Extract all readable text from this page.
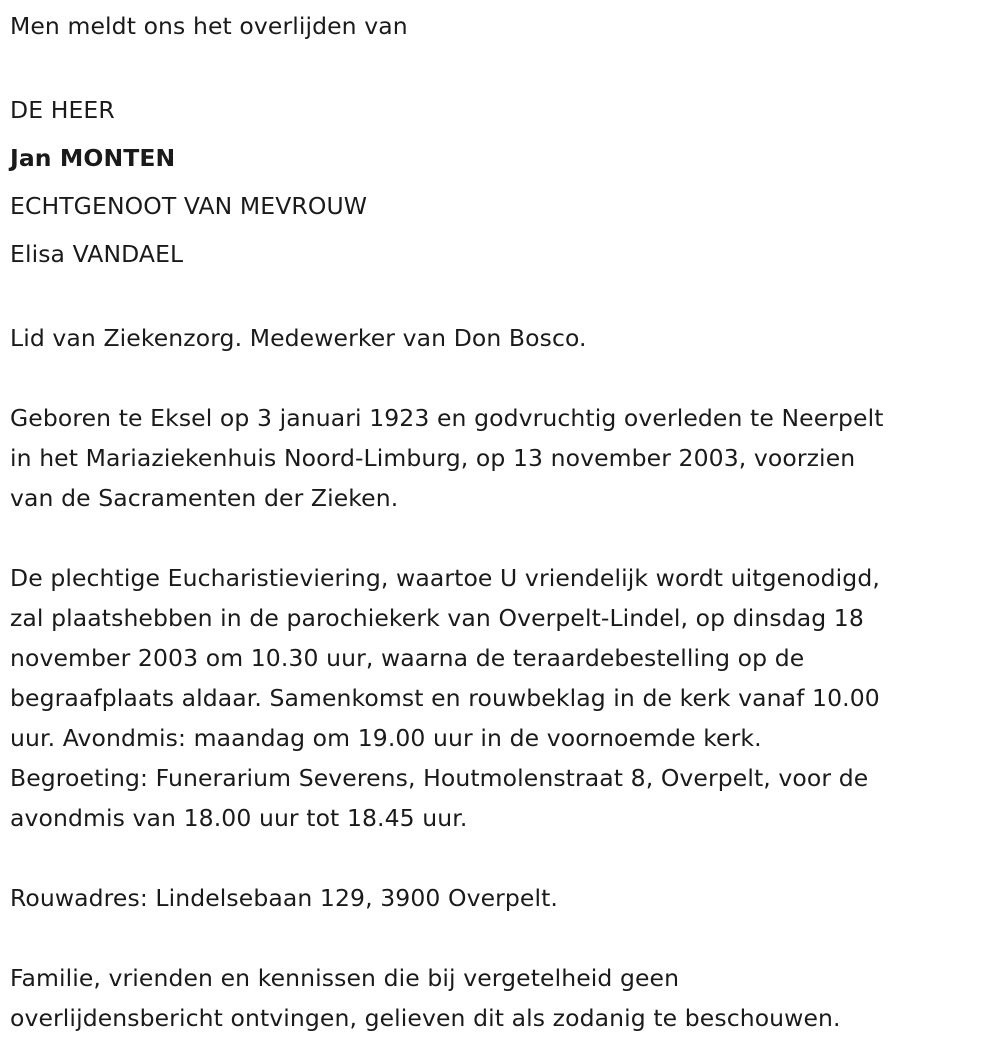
Men meldt ons het overlijden van

DE HEER

Jan MONTEN

ECHTGENOOT VAN MEVROUW

Elisa VANDAEL

Lid van Ziekenzorg. Medewerker van Don Bosco.

Geboren te Eksel op 3 januari 1923 en godvruchtig overleden te Neerpelt

in het Mariaziekenhuis Noord-Limburg, op 13 november 2003, voorzien

van de Sacramenten der Zieken.

De plechtige Eucharistieviering, waartoe U vriendelijk wordt uitgenodigd,

zal plaatshebben in de parochiekerk van Overpelt-Lindel, op dinsdag 18

november 2003 om 10.30 uur, waarna de teraardebestelling op de

begraafplaats aldaar. Samenkomst en rouwbeklag in de kerk vanaf 10.00

uur. Avondmis: maandag om 19.00 uur in de voornoemde kerk.

Begroeting: Funerarium Severens, Houtmolenstraat 8, Overpelt, voor de

avondmis van 18.00 uur tot 18.45 uur.

Rouwadres: Lindelsebaan 129, 3900 Overpelt.

Familie, vrienden en kennissen die bij vergetelheid geen

overlijdensbericht ontvingen, gelieven dit als zodanig te beschouwen.
